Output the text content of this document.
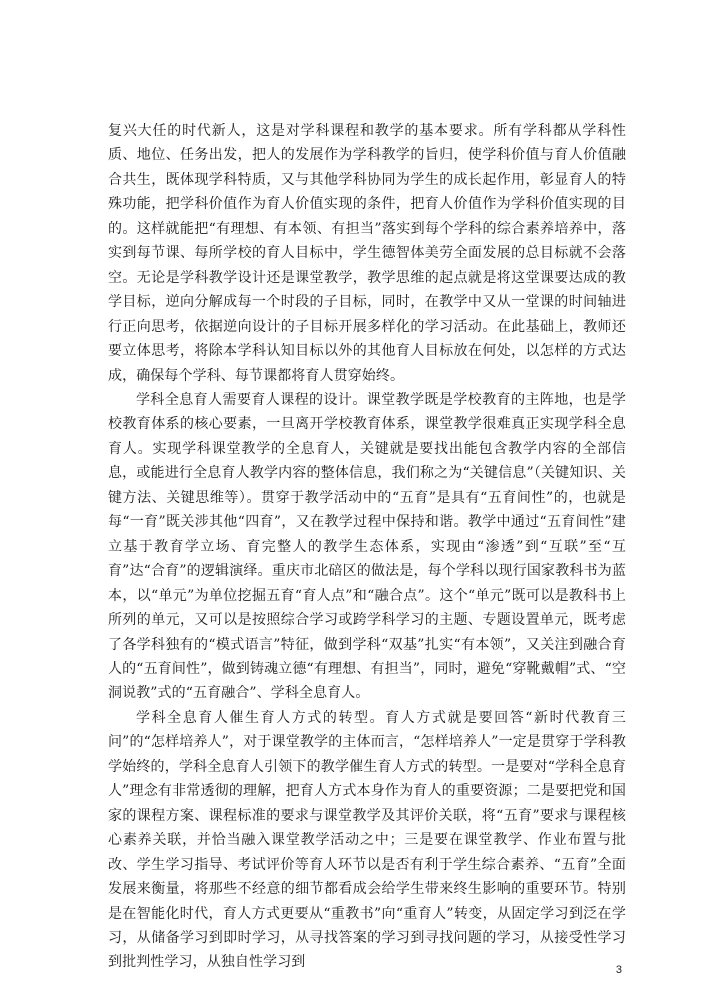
复兴大任的时代新人，这是对学科课程和教学的基本要求。所有学科都从学科性质、地位、任务出发，把人的发展作为学科教学的旨归，使学科价值与育人价值融合共生，既体现学科特质，又与其他学科协同为学生的成长起作用，彰显育人的特殊功能，把学科价值作为育人价值实现的条件，把育人价值作为学科价值实现的目的。这样就能把“有理想、有本领、有担当”落实到每个学科的综合素养培养中，落实到每节课、每所学校的育人目标中，学生德智体美劳全面发展的总目标就不会落空。无论是学科教学设计还是课堂教学，教学思维的起点就是将这堂课要达成的教学目标，逆向分解成每一个时段的子目标，同时，在教学中又从一堂课的时间轴进行正向思考，依据逆向设计的子目标开展多样化的学习活动。在此基础上，教师还要立体思考，将除本学科认知目标以外的其他育人目标放在何处，以怎样的方式达成，确保每个学科、每节课都将育人贯穿始终。

学科全息育人需要育人课程的设计。课堂教学既是学校教育的主阵地，也是学校教育体系的核心要素，一旦离开学校教育体系，课堂教学很难真正实现学科全息育人。实现学科课堂教学的全息育人，关键就是要找出能包含教学内容的全部信息，或能进行全息育人教学内容的整体信息，我们称之为“关键信息”（关键知识、关键方法、关键思维等）。贯穿于教学活动中的“五育”是具有“五育间性”的，也就是每“一育”既关涉其他“四育”，又在教学过程中保持和谐。教学中通过“五育间性”建立基于教育学立场、育完整人的教学生态体系，实现由“渗透”到“互联”至“互育”达“合育”的逻辑演绎。重庆市北碚区的做法是，每个学科以现行国家教科书为蓝本，以“单元”为单位挖掘五育“育人点”和“融合点”。这个“单元”既可以是教科书上所列的单元，又可以是按照综合学习或跨学科学习的主题、专题设置单元，既考虑了各学科独有的“模式语言”特征，做到学科“双基”扎实“有本领”，又关注到融合育人的“五育间性”，做到铸魂立德“有理想、有担当”，同时，避免“穿靴戴帽”式、“空洞说教”式的“五育融合”、学科全息育人。

学科全息育人催生育人方式的转型。育人方式就是要回答“新时代教育三问”的“怎样培养人”，对于课堂教学的主体而言，“怎样培养人”一定是贯穿于学科教学始终的，学科全息育人引领下的教学催生育人方式的转型。一是要对“学科全息育人”理念有非常透彻的理解，把育人方式本身作为育人的重要资源；二是要把党和国家的课程方案、课程标准的要求与课堂教学及其评价关联，将“五育”要求与课程核心素养关联，并恰当融入课堂教学活动之中；三是要在课堂教学、作业布置与批改、学生学习指导、考试评价等育人环节以是否有利于学生综合素养、“五育”全面发展来衡量，将那些不经意的细节都看成会给学生带来终生影响的重要环节。特别是在智能化时代，育人方式更要从“重教书”向“重育人”转变，从固定学习到泛在学习，从储备学习到即时学习，从寻找答案的学习到寻找问题的学习，从接受性学习到批判性学习，从独自性学习到	3
